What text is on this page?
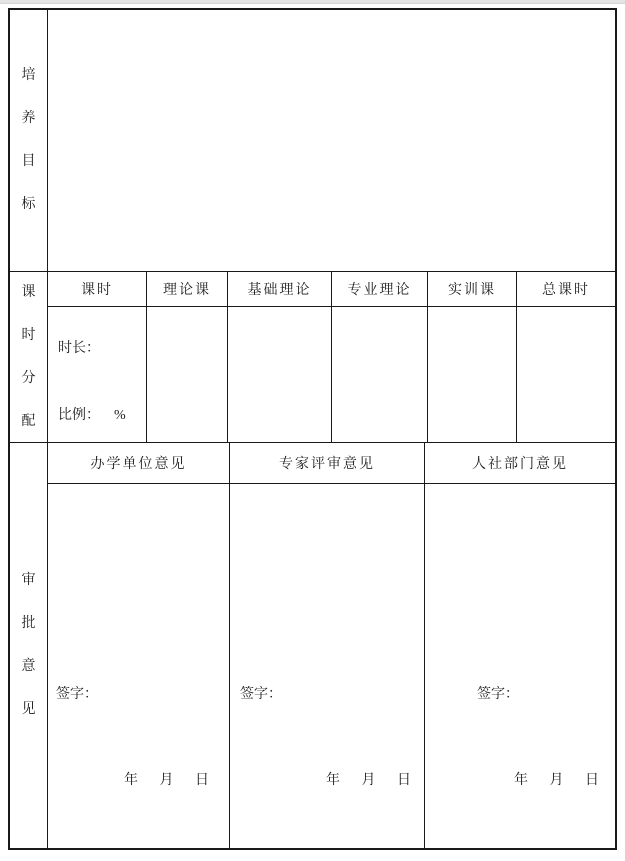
培
养
目
标
课
时
分
配
课时	理论课	基础理论	专业理论	实训课	总课时
时长：
比例： %
审
批
意
见
办学单位意见	专家评审意见	人社部门意见
签字：
年 月 日
签字：
年 月 日
签字：
年 月 日
